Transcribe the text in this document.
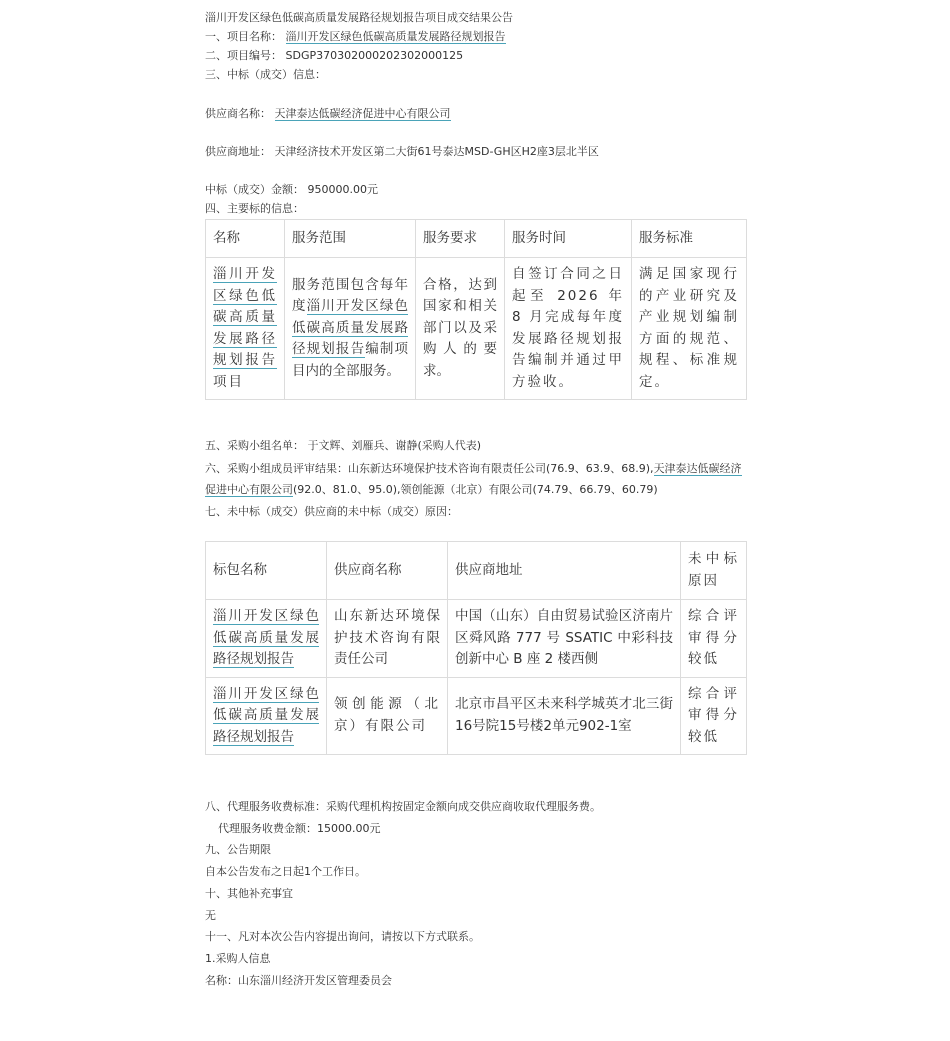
淄川开发区绿色低碳高质量发展路径规划报告项目成交结果公告
一、项目名称： 淄川开发区绿色低碳高质量发展路径规划报告
二、项目编号： SDGP370302000202302000125
三、中标（成交）信息：
供应商名称： 天津泰达低碳经济促进中心有限公司
供应商地址： 天津经济技术开发区第二大街61号泰达MSD-GH区H2座3层北半区
中标（成交）金额： 950000.00元
四、主要标的信息：
名称	服务范围	服务要求	服务时间	服务标准
淄川开发区绿色低碳高质量发展路径规划报告项目	服务范围包含每年度淄川开发区绿色低碳高质量发展路径规划报告编制项目内的全部服务。	合格，达到国家和相关部门以及采购人的要求。	自签订合同之日起至 2026 年 8 月完成每年度发展路径规划报告编制并通过甲方验收。	满足国家现行的产业研究及产业规划编制方面的规范、规程、标准规定。
五、采购小组名单： 于文辉、刘雁兵、谢静(采购人代表)
六、采购小组成员评审结果：山东新达环境保护技术咨询有限责任公司(76.9、63.9、68.9),天津泰达低碳经济促进中心有限公司(92.0、81.0、95.0),领创能源（北京）有限公司(74.79、66.79、60.79)
七、未中标（成交）供应商的未中标（成交）原因：
标包名称	供应商名称	供应商地址	未中标原因
淄川开发区绿色低碳高质量发展路径规划报告	山东新达环境保护技术咨询有限责任公司	中国（山东）自由贸易试验区济南片区舜风路 777 号 SSATIC 中彩科技创新中心 B 座 2 楼西侧	综合评审得分较低
淄川开发区绿色低碳高质量发展路径规划报告	领创能源（北京）有限公司	北京市昌平区未来科学城英才北三街16号院15号楼2单元902-1室	综合评审得分较低
八、代理服务收费标准：采购代理机构按固定金额向成交供应商收取代理服务费。
代理服务收费金额：15000.00元
九、公告期限
自本公告发布之日起1个工作日。
十、其他补充事宜
无
十一、凡对本次公告内容提出询问，请按以下方式联系。
1.采购人信息
名称：山东淄川经济开发区管理委员会
